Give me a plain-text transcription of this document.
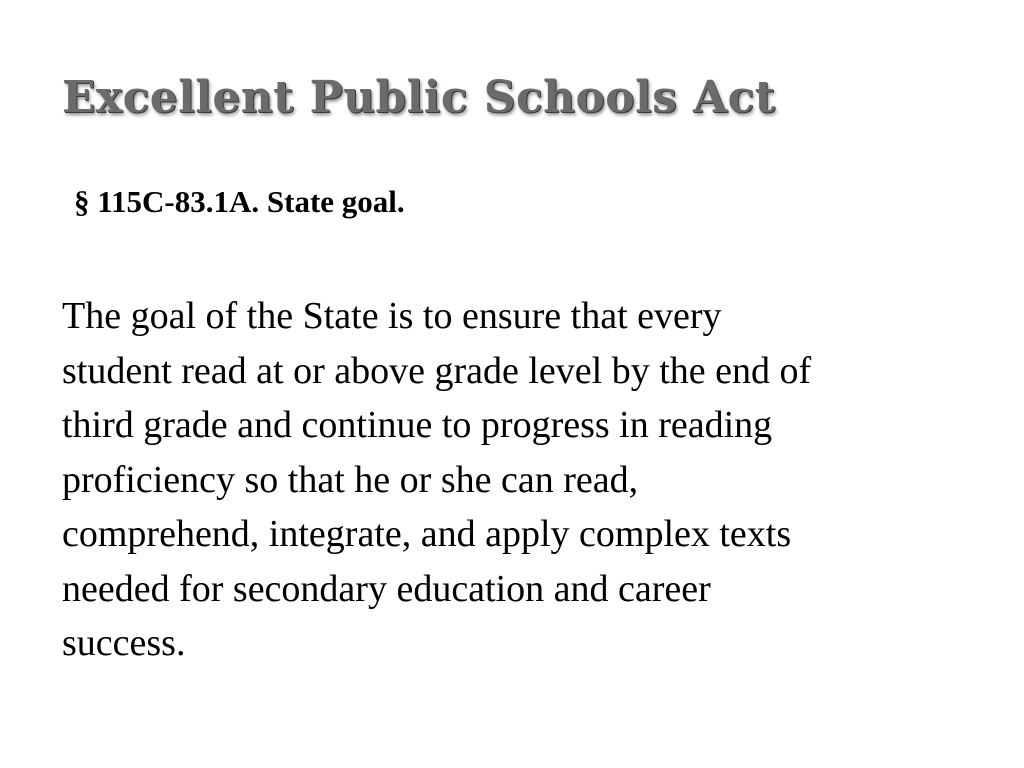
Excellent Public Schools Act

§ 115C-83.1A. State goal.

The goal of the State is to ensure that every
student read at or above grade level by the end of
third grade and continue to progress in reading
proficiency so that he or she can read,
comprehend, integrate, and apply complex texts
needed for secondary education and career
success.
